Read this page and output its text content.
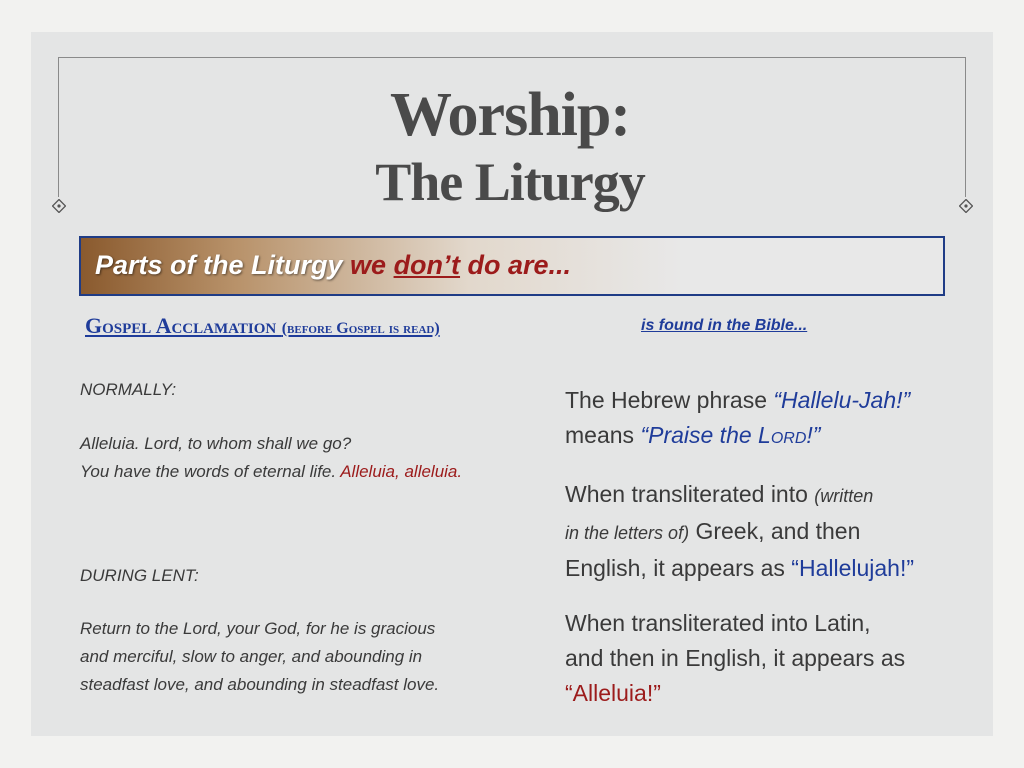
Worship:
The Liturgy
Parts of the Liturgy we don’t do are...
Gospel Acclamation (before Gospel is read)	is found in the Bible...
NORMALLY:
Alleluia. Lord, to whom shall we go?
You have the words of eternal life. Alleluia, alleluia.
DURING LENT:
Return to the Lord, your God, for he is gracious
and merciful, slow to anger, and abounding in
steadfast love, and abounding in steadfast love.
The Hebrew phrase “Hallelu-Jah!”
means “Praise the Lord!”
When transliterated into (written
in the letters of) Greek, and then
English, it appears as “Hallelujah!”
When transliterated into Latin,
and then in English, it appears as
“Alleluia!”
